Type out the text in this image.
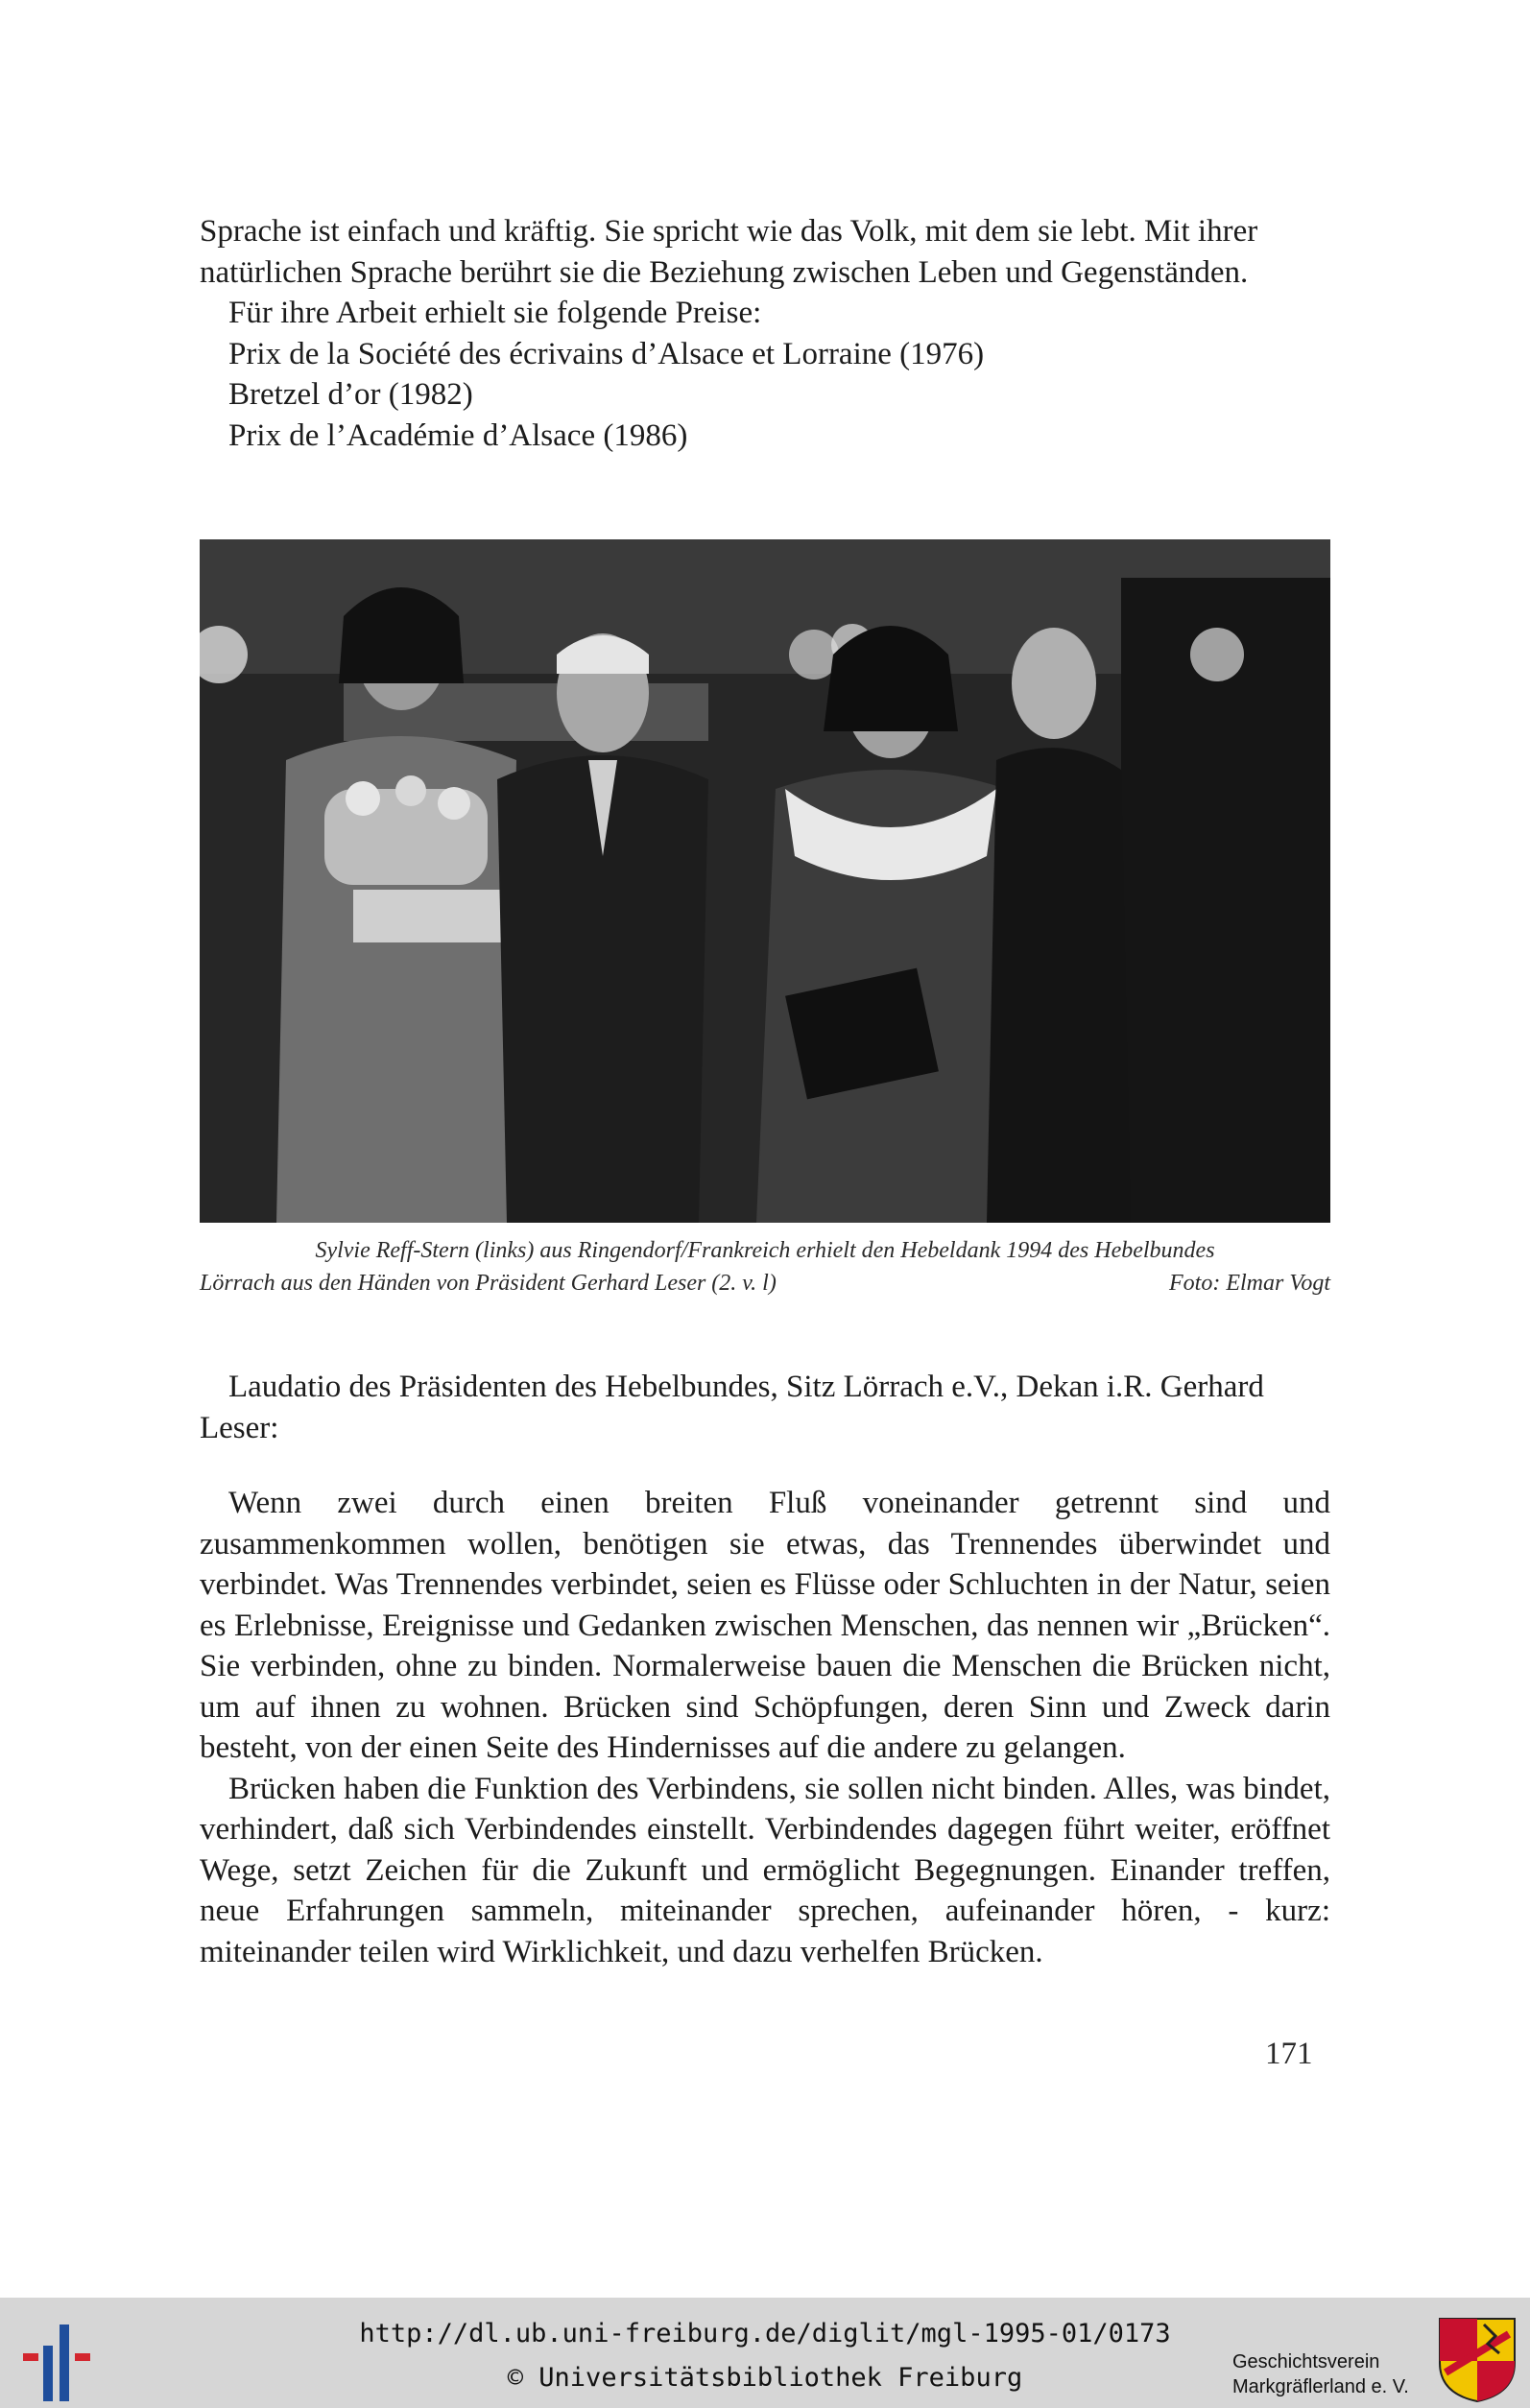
Sprache ist einfach und kräftig. Sie spricht wie das Volk, mit dem sie lebt. Mit ihrer

natürlichen Sprache berührt sie die Beziehung zwischen Leben und Gegenständen.

Für ihre Arbeit erhielt sie folgende Preise:

Prix de la Société des écrivains d’Alsace et Lorraine (1976)

Bretzel d’or (1982)

Prix de l’Académie d’Alsace (1986)

Sylvie Reff-Stern (links) aus Ringendorf/Frankreich erhielt den Hebeldank 1994 des Hebelbundes
Lörrach aus den Händen von Präsident Gerhard Leser (2. v. l)	Foto: Elmar Vogt

Laudatio des Präsidenten des Hebelbundes, Sitz Lörrach e.V., Dekan i.R. Gerhard

Leser:

Wenn zwei durch einen breiten Fluß voneinander getrennt sind und zusammenkommen wollen, benötigen sie etwas, das Trennendes überwindet und verbindet. Was Trennendes verbindet, seien es Flüsse oder Schluchten in der Natur, seien es Erlebnisse, Ereignisse und Gedanken zwischen Menschen, das nennen wir „Brücken“. Sie verbinden, ohne zu binden. Normalerweise bauen die Menschen die Brücken nicht, um auf ihnen zu wohnen. Brücken sind Schöpfungen, deren Sinn und Zweck darin besteht, von der einen Seite des Hindernisses auf die andere zu gelangen.

Brücken haben die Funktion des Verbindens, sie sollen nicht binden. Alles, was bindet, verhindert, daß sich Verbindendes einstellt. Verbindendes dagegen führt weiter, eröffnet Wege, setzt Zeichen für die Zukunft und ermöglicht Begegnungen. Einander treffen, neue Erfahrungen sammeln, miteinander sprechen, aufeinander hören, - kurz: miteinander teilen wird Wirklichkeit, und dazu verhelfen Brücken.

171
http://dl.ub.uni-freiburg.de/diglit/mgl-1995-01/0173
© Universitätsbibliothek Freiburg
Geschichtsverein
Markgräflerland e. V.
